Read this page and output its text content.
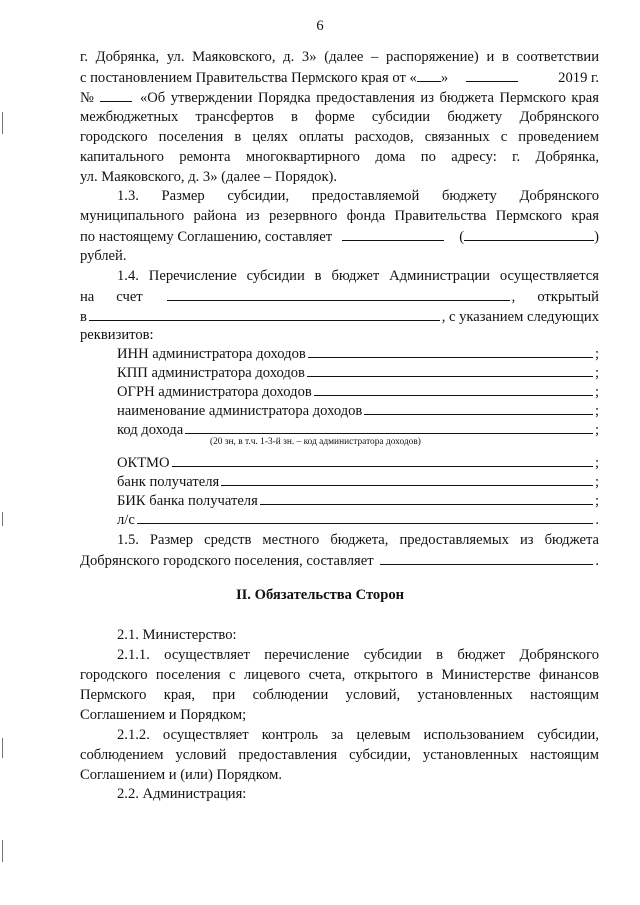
6
г. Добрянка, ул. Маяковского, д. 3» (далее – распоряжение) и в соответствии
с постановлением Правительства Пермского края от « »	2019 г.
№	«Об утверждении Порядка предоставления из бюджета Пермского края
межбюджетных трансфертов в форме субсидии бюджету Добрянского
городского поселения в целях оплаты расходов, связанных с проведением
капитального ремонта многоквартирного дома по адресу: г. Добрянка,
ул. Маяковского, д. 3» (далее – Порядок).
1.3. Размер субсидии, предоставляемой бюджету Добрянского
муниципального района из резервного фонда Правительства Пермского края
по настоящему Соглашению, составляет	(	)
рублей.
1.4. Перечисление субсидии в бюджет Администрации осуществляется
на счет	, открытый
в	, с указанием следующих
реквизитов:
ИНН администратора доходов	;
КПП администратора доходов	;
ОГРН администратора доходов	;
наименование администратора доходов	;
код дохода	;
(20 зн, в т.ч. 1-3-й зн. – код администратора доходов)
ОКТМО	;
банк получателя	;
БИК банка получателя	;
л/с	.
1.5. Размер средств местного бюджета, предоставляемых из бюджета
Добрянского городского поселения, составляет	.
II. Обязательства Сторон
2.1. Министерство:
2.1.1. осуществляет перечисление субсидии в бюджет Добрянского
городского поселения с лицевого счета, открытого в Министерстве финансов
Пермского края, при соблюдении условий, установленных настоящим
Соглашением и Порядком;
2.1.2. осуществляет контроль за целевым использованием субсидии,
соблюдением условий предоставления субсидии, установленных настоящим
Соглашением и (или) Порядком.
2.2. Администрация:
